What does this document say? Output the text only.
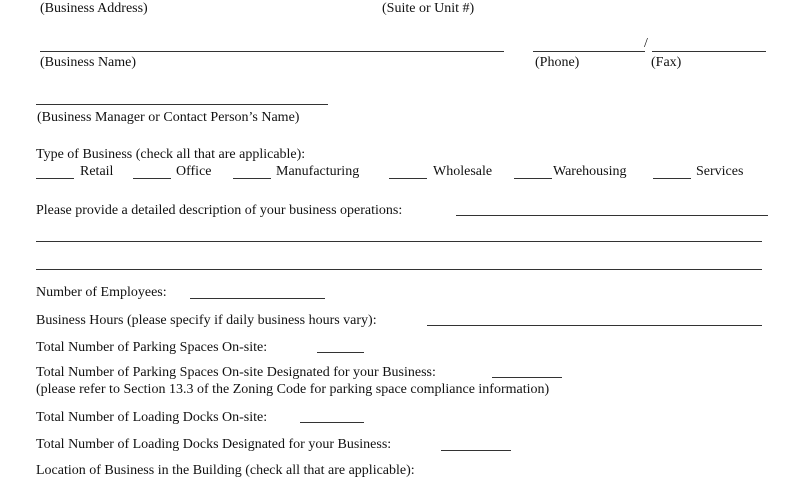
(Business Address)	(Suite or Unit #)
/
(Business Name)	(Phone)	(Fax)
(Business Manager or Contact Person’s Name)
Type of Business (check all that are applicable):
Retail	Office	Manufacturing	Wholesale	Warehousing	Services
Please provide a detailed description of your business operations:
Number of Employees:
Business Hours (please specify if daily business hours vary):
Total Number of Parking Spaces On-site:
Total Number of Parking Spaces On-site Designated for your Business:
(please refer to Section 13.3 of the Zoning Code for parking space compliance information)
Total Number of Loading Docks On-site:
Total Number of Loading Docks Designated for your Business:
Location of Business in the Building (check all that are applicable):
